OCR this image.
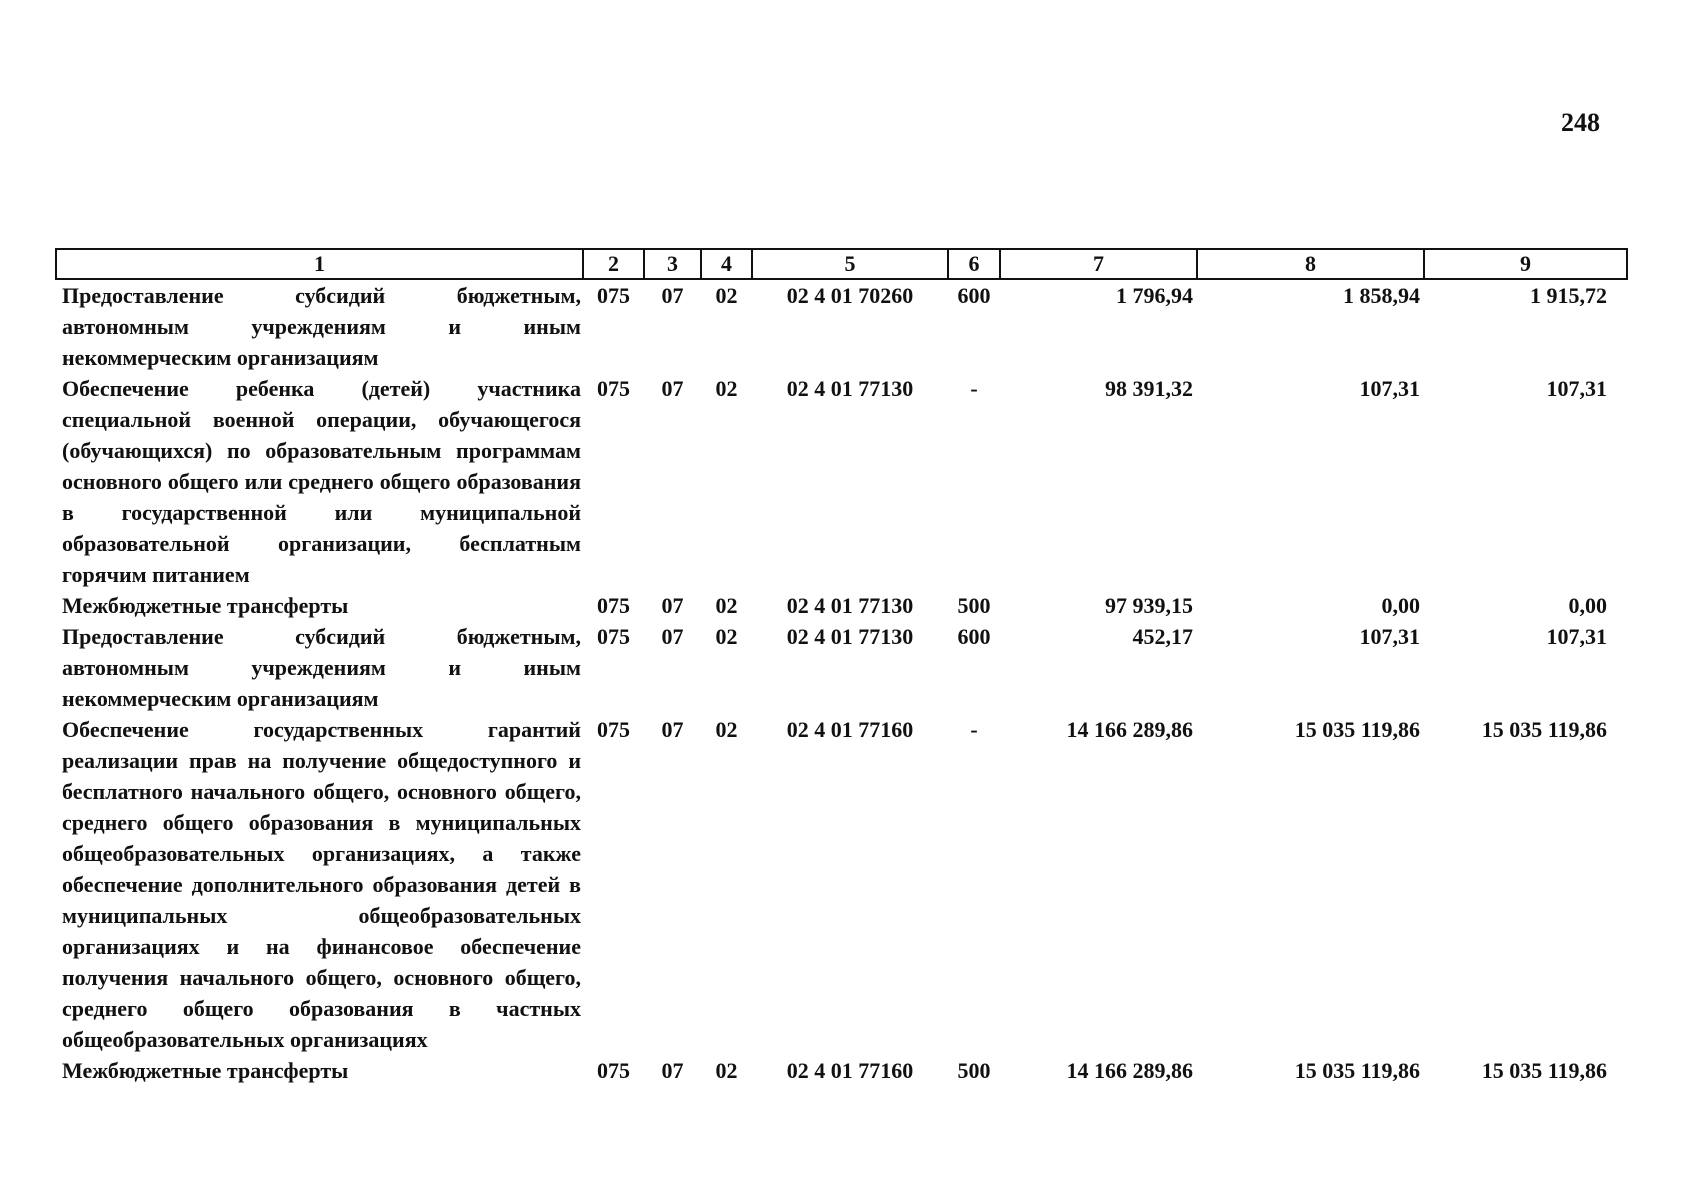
248
1	2	3	4	5	6	7	8	9
Предоставление субсидий бюджетным, автономным учреждениям и иным некоммерческим организациям	075	07	02	02 4 01 70260	600	1 796,94	1 858,94	1 915,72
Обеспечение ребенка (детей) участника специальной военной операции, обучающегося (обучающихся) по образовательным программам основного общего или среднего общего образования в государственной или муниципальной образовательной организации, бесплатным горячим питанием	075	07	02	02 4 01 77130	-	98 391,32	107,31	107,31
Межбюджетные трансферты	075	07	02	02 4 01 77130	500	97 939,15	0,00	0,00
Предоставление субсидий бюджетным, автономным учреждениям и иным некоммерческим организациям	075	07	02	02 4 01 77130	600	452,17	107,31	107,31
Обеспечение государственных гарантий реализации прав на получение общедоступного и бесплатного начального общего, основного общего, среднего общего образования в муниципальных общеобразовательных организациях, а также обеспечение дополнительного образования детей в муниципальных общеобразовательных организациях и на финансовое обеспечение получения начального общего, основного общего, среднего общего образования в частных общеобразовательных организациях	075	07	02	02 4 01 77160	-	14 166 289,86	15 035 119,86	15 035 119,86
Межбюджетные трансферты	075	07	02	02 4 01 77160	500	14 166 289,86	15 035 119,86	15 035 119,86
